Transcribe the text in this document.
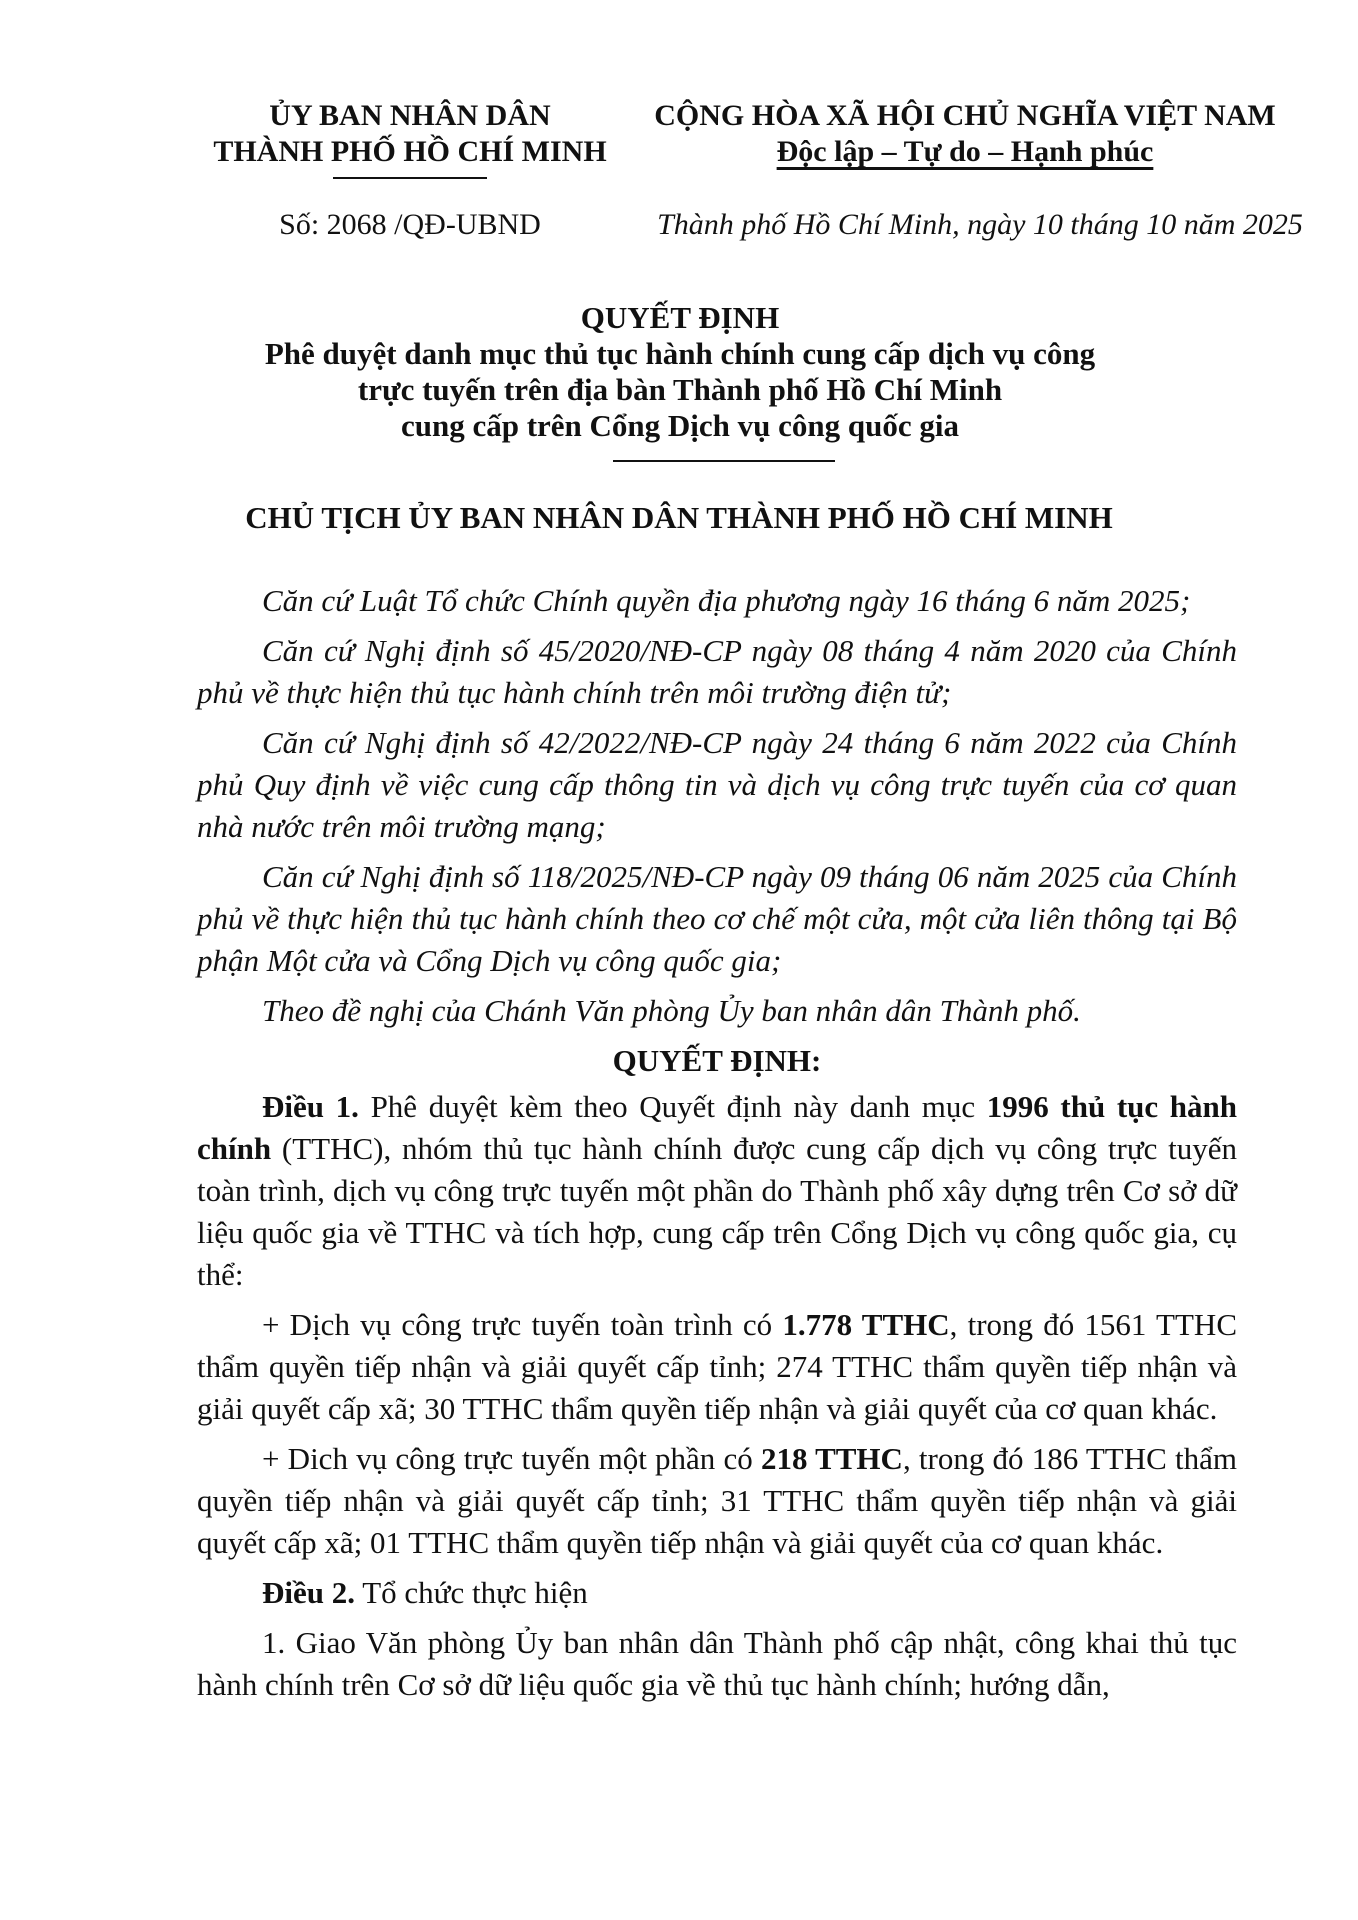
ỦY BAN NHÂN DÂN
THÀNH PHỐ HỒ CHÍ MINH
CỘNG HÒA XÃ HỘI CHỦ NGHĨA VIỆT NAM
Độc lập – Tự do – Hạnh phúc
Số: 2068 /QĐ-UBND	Thành phố Hồ Chí Minh, ngày 10 tháng 10 năm 2025
QUYẾT ĐỊNH
Phê duyệt danh mục thủ tục hành chính cung cấp dịch vụ công
trực tuyến trên địa bàn Thành phố Hồ Chí Minh
cung cấp trên Cổng Dịch vụ công quốc gia
CHỦ TỊCH ỦY BAN NHÂN DÂN THÀNH PHỐ HỒ CHÍ MINH
Căn cứ Luật Tổ chức Chính quyền địa phương ngày 16 tháng 6 năm 2025;
Căn cứ Nghị định số 45/2020/NĐ-CP ngày 08 tháng 4 năm 2020 của Chính phủ về thực hiện thủ tục hành chính trên môi trường điện tử;
Căn cứ Nghị định số 42/2022/NĐ-CP ngày 24 tháng 6 năm 2022 của Chính phủ Quy định về việc cung cấp thông tin và dịch vụ công trực tuyến của cơ quan nhà nước trên môi trường mạng;
Căn cứ Nghị định số 118/2025/NĐ-CP ngày 09 tháng 06 năm 2025 của Chính phủ về thực hiện thủ tục hành chính theo cơ chế một cửa, một cửa liên thông tại Bộ phận Một cửa và Cổng Dịch vụ công quốc gia;
Theo đề nghị của Chánh Văn phòng Ủy ban nhân dân Thành phố.
QUYẾT ĐỊNH:
Điều 1. Phê duyệt kèm theo Quyết định này danh mục 1996 thủ tục hành chính (TTHC), nhóm thủ tục hành chính được cung cấp dịch vụ công trực tuyến toàn trình, dịch vụ công trực tuyến một phần do Thành phố xây dựng trên Cơ sở dữ liệu quốc gia về TTHC và tích hợp, cung cấp trên Cổng Dịch vụ công quốc gia, cụ thể:
+ Dịch vụ công trực tuyến toàn trình có 1.778 TTHC, trong đó 1561 TTHC thẩm quyền tiếp nhận và giải quyết cấp tỉnh; 274 TTHC thẩm quyền tiếp nhận và giải quyết cấp xã; 30 TTHC thẩm quyền tiếp nhận và giải quyết của cơ quan khác.
+ Dich vụ công trực tuyến một phần có 218 TTHC, trong đó 186 TTHC thẩm quyền tiếp nhận và giải quyết cấp tỉnh; 31 TTHC thẩm quyền tiếp nhận và giải quyết cấp xã; 01 TTHC thẩm quyền tiếp nhận và giải quyết của cơ quan khác.
Điều 2. Tổ chức thực hiện
1. Giao Văn phòng Ủy ban nhân dân Thành phố cập nhật, công khai thủ tục hành chính trên Cơ sở dữ liệu quốc gia về thủ tục hành chính; hướng dẫn,
